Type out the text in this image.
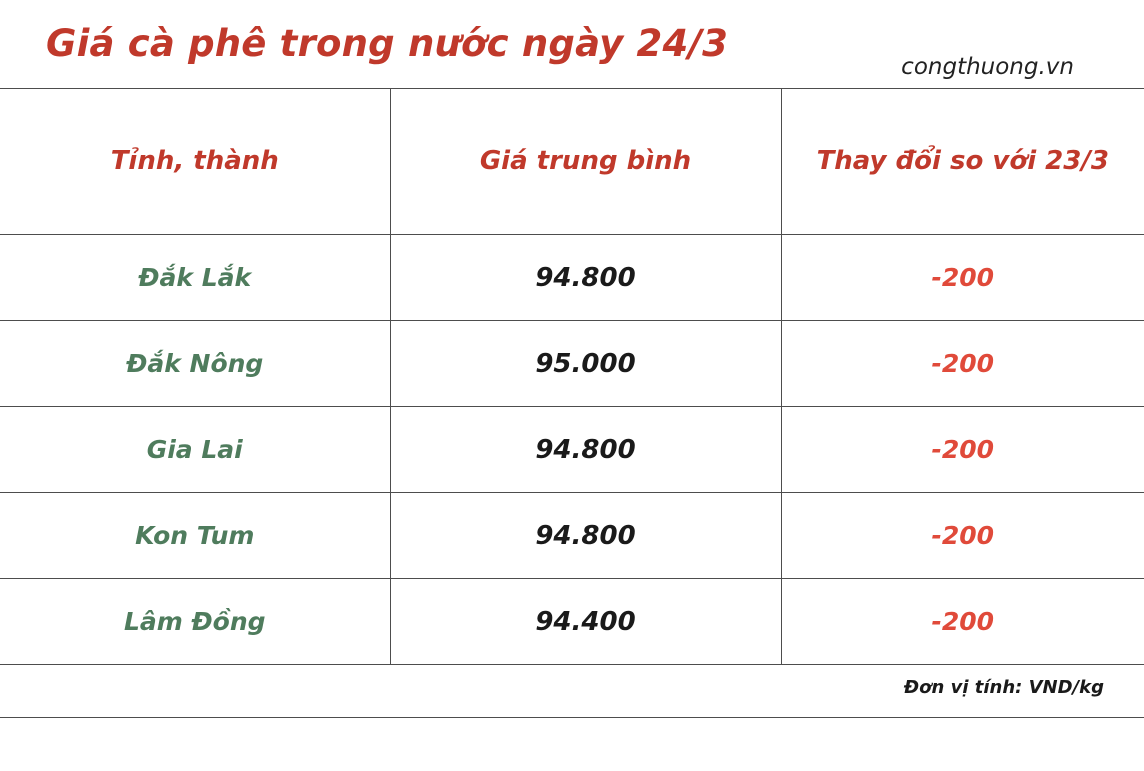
Giá cà phê trong nước ngày 24/3
congthuong.vn
Tỉnh, thành	Giá trung bình	Thay đổi so với 23/3
Đắk Lắk	94.800	-200
Đắk Nông	95.000	-200
Gia Lai	94.800	-200
Kon Tum	94.800	-200
Lâm Đồng	94.400	-200
Đơn vị tính: VND/kg
